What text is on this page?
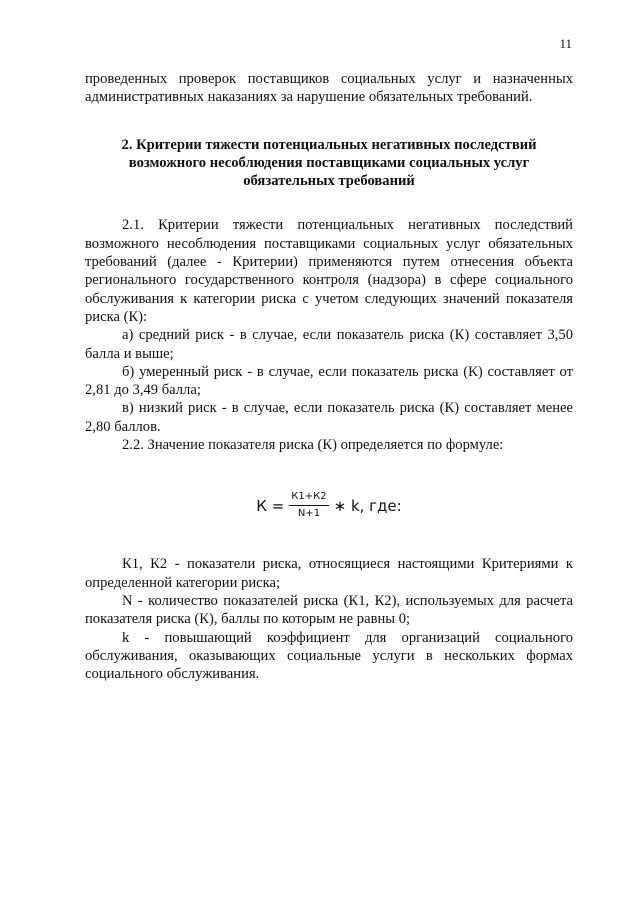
11

проведенных проверок поставщиков социальных услуг и назначенных административных наказаниях за нарушение обязательных требований.

2. Критерии тяжести потенциальных негативных последствий возможного несоблюдения поставщиками социальных услуг обязательных требований

2.1. Критерии тяжести потенциальных негативных последствий возможного несоблюдения поставщиками социальных услуг обязательных требований (далее - Критерии) применяются путем отнесения объекта регионального государственного контроля (надзора) в сфере социального обслуживания к категории риска с учетом следующих значений показателя риска (К):

а) средний риск - в случае, если показатель риска (К) составляет 3,50 балла и выше;

б) умеренный риск - в случае, если показатель риска (К) составляет от 2,81 до 3,49 балла;

в) низкий риск - в случае, если показатель риска (К) составляет менее 2,80 баллов.

2.2. Значение показателя риска (К) определяется по формуле:

$К = \frac{К1+К2}{N+1}$ ∗ k, где:

К1, К2 - показатели риска, относящиеся настоящими Критериями к определенной категории риска;

N - количество показателей риска (К1, К2), используемых для расчета показателя риска (К), баллы по которым не равны 0;

k - повышающий коэффициент для организаций социального обслуживания, оказывающих социальные услуги в нескольких формах социального обслуживания.
